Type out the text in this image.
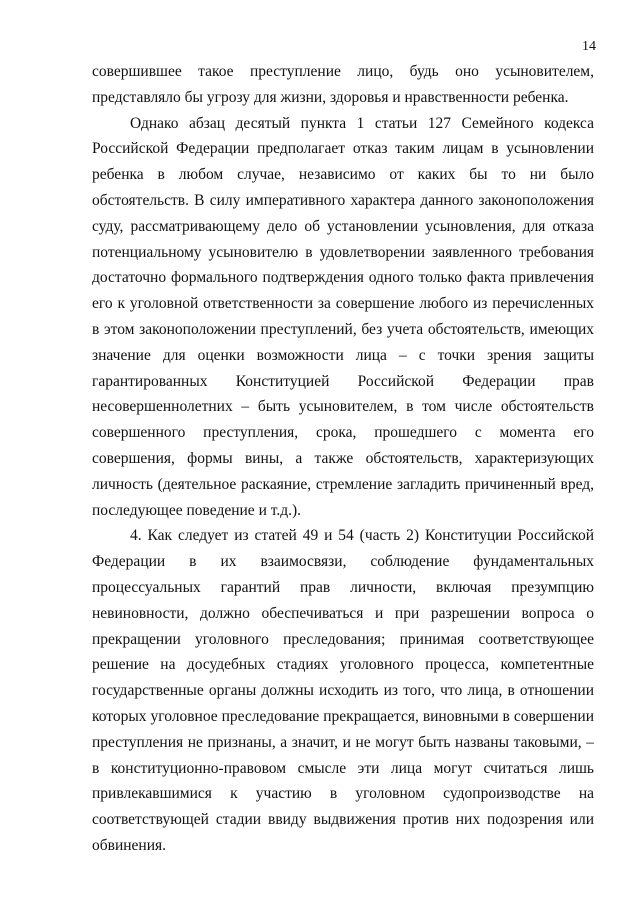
14

совершившее такое преступление лицо, будь оно усыновителем, представляло бы угрозу для жизни, здоровья и нравственности ребенка.

Однако абзац десятый пункта 1 статьи 127 Семейного кодекса Российской Федерации предполагает отказ таким лицам в усыновлении ребенка в любом случае, независимо от каких бы то ни было обстоятельств. В силу императивного характера данного законоположения суду, рассматривающему дело об установлении усыновления, для отказа потенциальному усыновителю в удовлетворении заявленного требования достаточно формального подтверждения одного только факта привлечения его к уголовной ответственности за совершение любого из перечисленных в этом законоположении преступлений, без учета обстоятельств, имеющих значение для оценки возможности лица – с точки зрения защиты гарантированных Конституцией Российской Федерации прав несовершеннолетних – быть усыновителем, в том числе обстоятельств совершенного преступления, срока, прошедшего с момента его совершения, формы вины, а также обстоятельств, характеризующих личность (деятельное раскаяние, стремление загладить причиненный вред, последующее поведение и т.д.).

4. Как следует из статей 49 и 54 (часть 2) Конституции Российской Федерации в их взаимосвязи, соблюдение фундаментальных процессуальных гарантий прав личности, включая презумпцию невиновности, должно обеспечиваться и при разрешении вопроса о прекращении уголовного преследования; принимая соответствующее решение на досудебных стадиях уголовного процесса, компетентные государственные органы должны исходить из того, что лица, в отношении которых уголовное преследование прекращается, виновными в совершении преступления не признаны, а значит, и не могут быть названы таковыми, – в конституционно-правовом смысле эти лица могут считаться лишь привлекавшимися к участию в уголовном судопроизводстве на соответствующей стадии ввиду выдвижения против них подозрения или обвинения.
